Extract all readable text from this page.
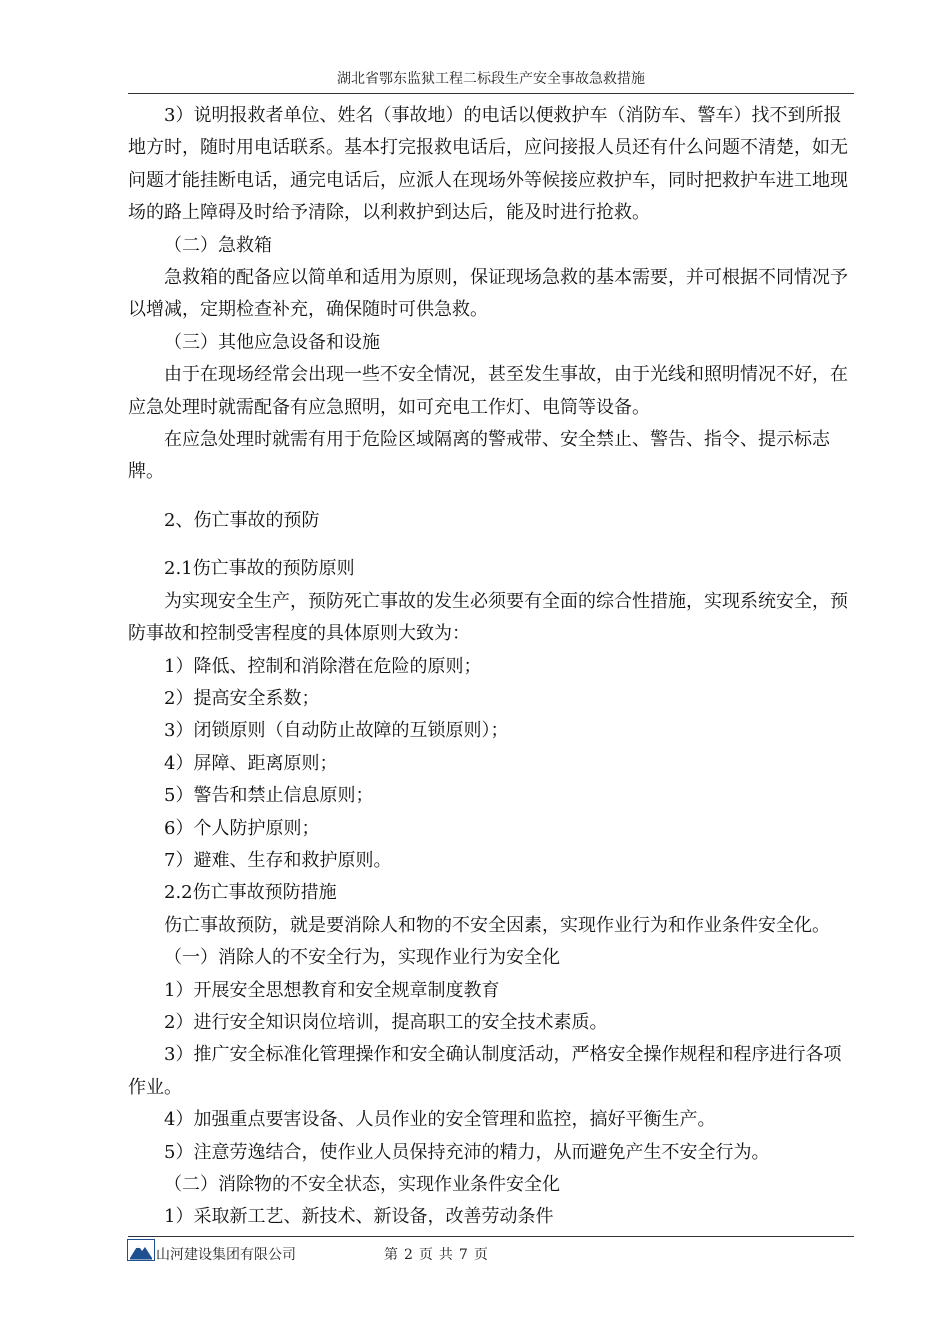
湖北省鄂东监狱工程二标段生产安全事故急救措施

3）说明报救者单位、姓名（事故地）的电话以便救护车（消防车、警车）找不到所报地方时，随时用电话联系。基本打完报救电话后，应问接报人员还有什么问题不清楚，如无问题才能挂断电话，通完电话后，应派人在现场外等候接应救护车，同时把救护车进工地现场的路上障碍及时给予清除，以利救护到达后，能及时进行抢救。

（二）急救箱

急救箱的配备应以简单和适用为原则，保证现场急救的基本需要，并可根据不同情况予以增减，定期检查补充，确保随时可供急救。

（三）其他应急设备和设施

由于在现场经常会出现一些不安全情况，甚至发生事故，由于光线和照明情况不好，在应急处理时就需配备有应急照明，如可充电工作灯、电筒等设备。

在应急处理时就需有用于危险区域隔离的警戒带、安全禁止、警告、指令、提示标志牌。

2、伤亡事故的预防

2.1伤亡事故的预防原则

为实现安全生产，预防死亡事故的发生必须要有全面的综合性措施，实现系统安全，预防事故和控制受害程度的具体原则大致为：

1）降低、控制和消除潜在危险的原则；

2）提高安全系数；

3）闭锁原则（自动防止故障的互锁原则）；

4）屏障、距离原则；

5）警告和禁止信息原则；

6）个人防护原则；

7）避难、生存和救护原则。

2.2伤亡事故预防措施

伤亡事故预防，就是要消除人和物的不安全因素，实现作业行为和作业条件安全化。

（一）消除人的不安全行为，实现作业行为安全化

1）开展安全思想教育和安全规章制度教育

2）进行安全知识岗位培训，提高职工的安全技术素质。

3）推广安全标准化管理操作和安全确认制度活动，严格安全操作规程和程序进行各项作业。

4）加强重点要害设备、人员作业的安全管理和监控，搞好平衡生产。

5）注意劳逸结合，使作业人员保持充沛的精力，从而避免产生不安全行为。

（二）消除物的不安全状态，实现作业条件安全化

1）采取新工艺、新技术、新设备，改善劳动条件

山河建设集团有限公司	第 2 页 共 7 页
